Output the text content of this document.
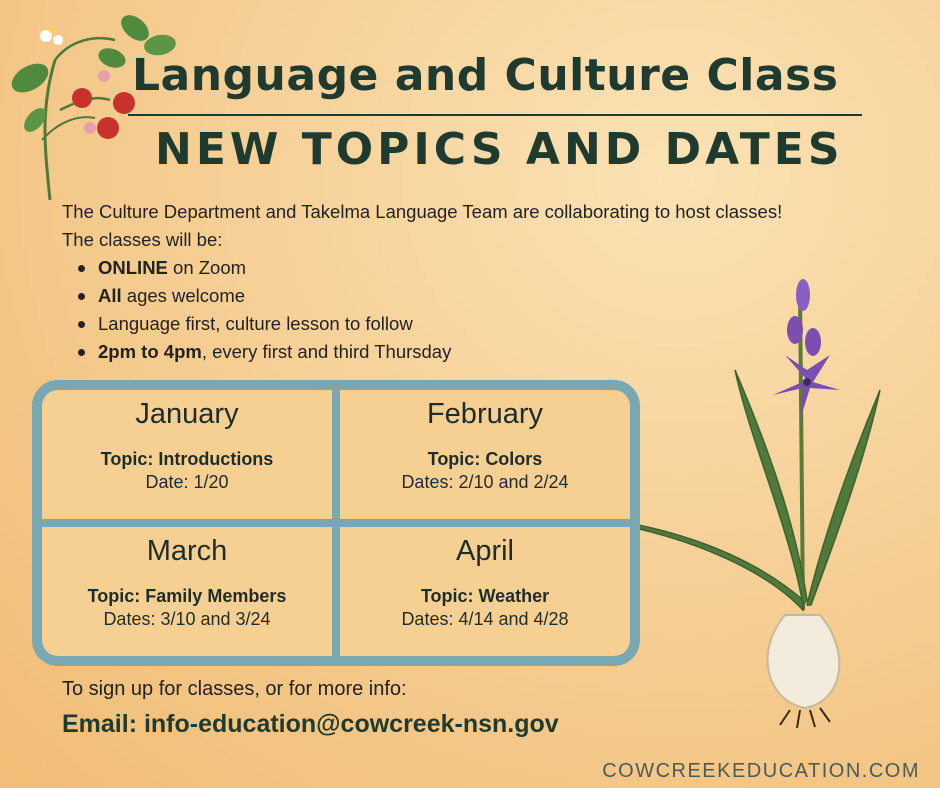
Language and Culture Class
NEW TOPICS AND DATES

The Culture Department and Takelma Language Team are collaborating to host classes!

The classes will be:

ONLINE on Zoom
All ages welcome
Language first, culture lesson to follow
2pm to 4pm, every first and third Thursday
January
Topic: Introductions
Date: 1/20
February
Topic: Colors
Dates: 2/10 and 2/24
March
Topic: Family Members
Dates: 3/10 and 3/24
April
Topic: Weather
Dates: 4/14 and 4/28
To sign up for classes, or for more info:
Email: info-education@cowcreek-nsn.gov
COWCREEKEDUCATION.COM
